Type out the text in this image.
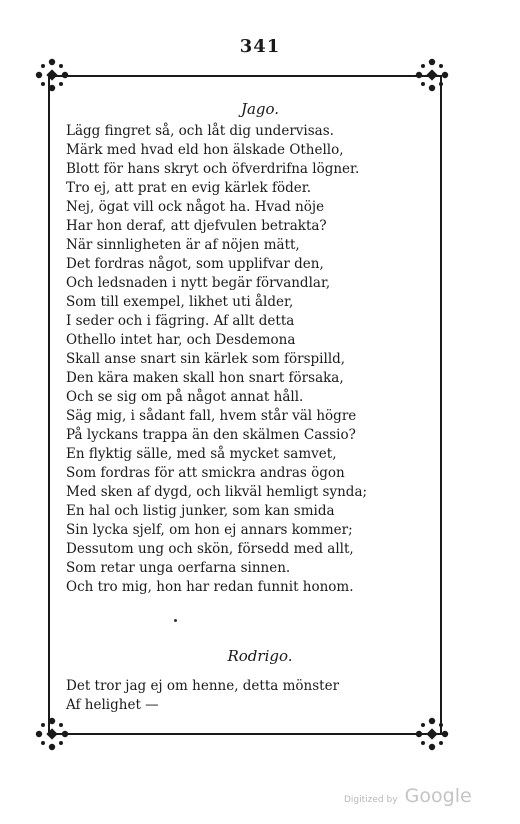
341
Jago.
Lägg fingret så, och låt dig undervisas.
Märk med hvad eld hon älskade Othello,
Blott för hans skryt och öfverdrifna lögner.
Tro ej, att prat en evig kärlek föder.
Nej, ögat vill ock något ha. Hvad nöje
Har hon deraf, att djefvulen betrakta?
När sinnligheten är af nöjen mätt,
Det fordras något, som upplifvar den,
Och ledsnaden i nytt begär förvandlar,
Som till exempel, likhet uti ålder,
I seder och i fägring. Af allt detta
Othello intet har, och Desdemona
Skall anse snart sin kärlek som förspilld,
Den kära maken skall hon snart försaka,
Och se sig om på något annat håll.
Säg mig, i sådant fall, hvem står väl högre
På lyckans trappa än den skälmen Cassio?
En flyktig sälle, med så mycket samvet,
Som fordras för att smickra andras ögon
Med sken af dygd, och likväl hemligt synda;
En hal och listig junker, som kan smida
Sin lycka sjelf, om hon ej annars kommer;
Dessutom ung och skön, försedd med allt,
Som retar unga oerfarna sinnen.
Och tro mig, hon har redan funnit honom.
Rodrigo.
Det tror jag ej om henne, detta mönster
Af helighet —
Digitized by Google
